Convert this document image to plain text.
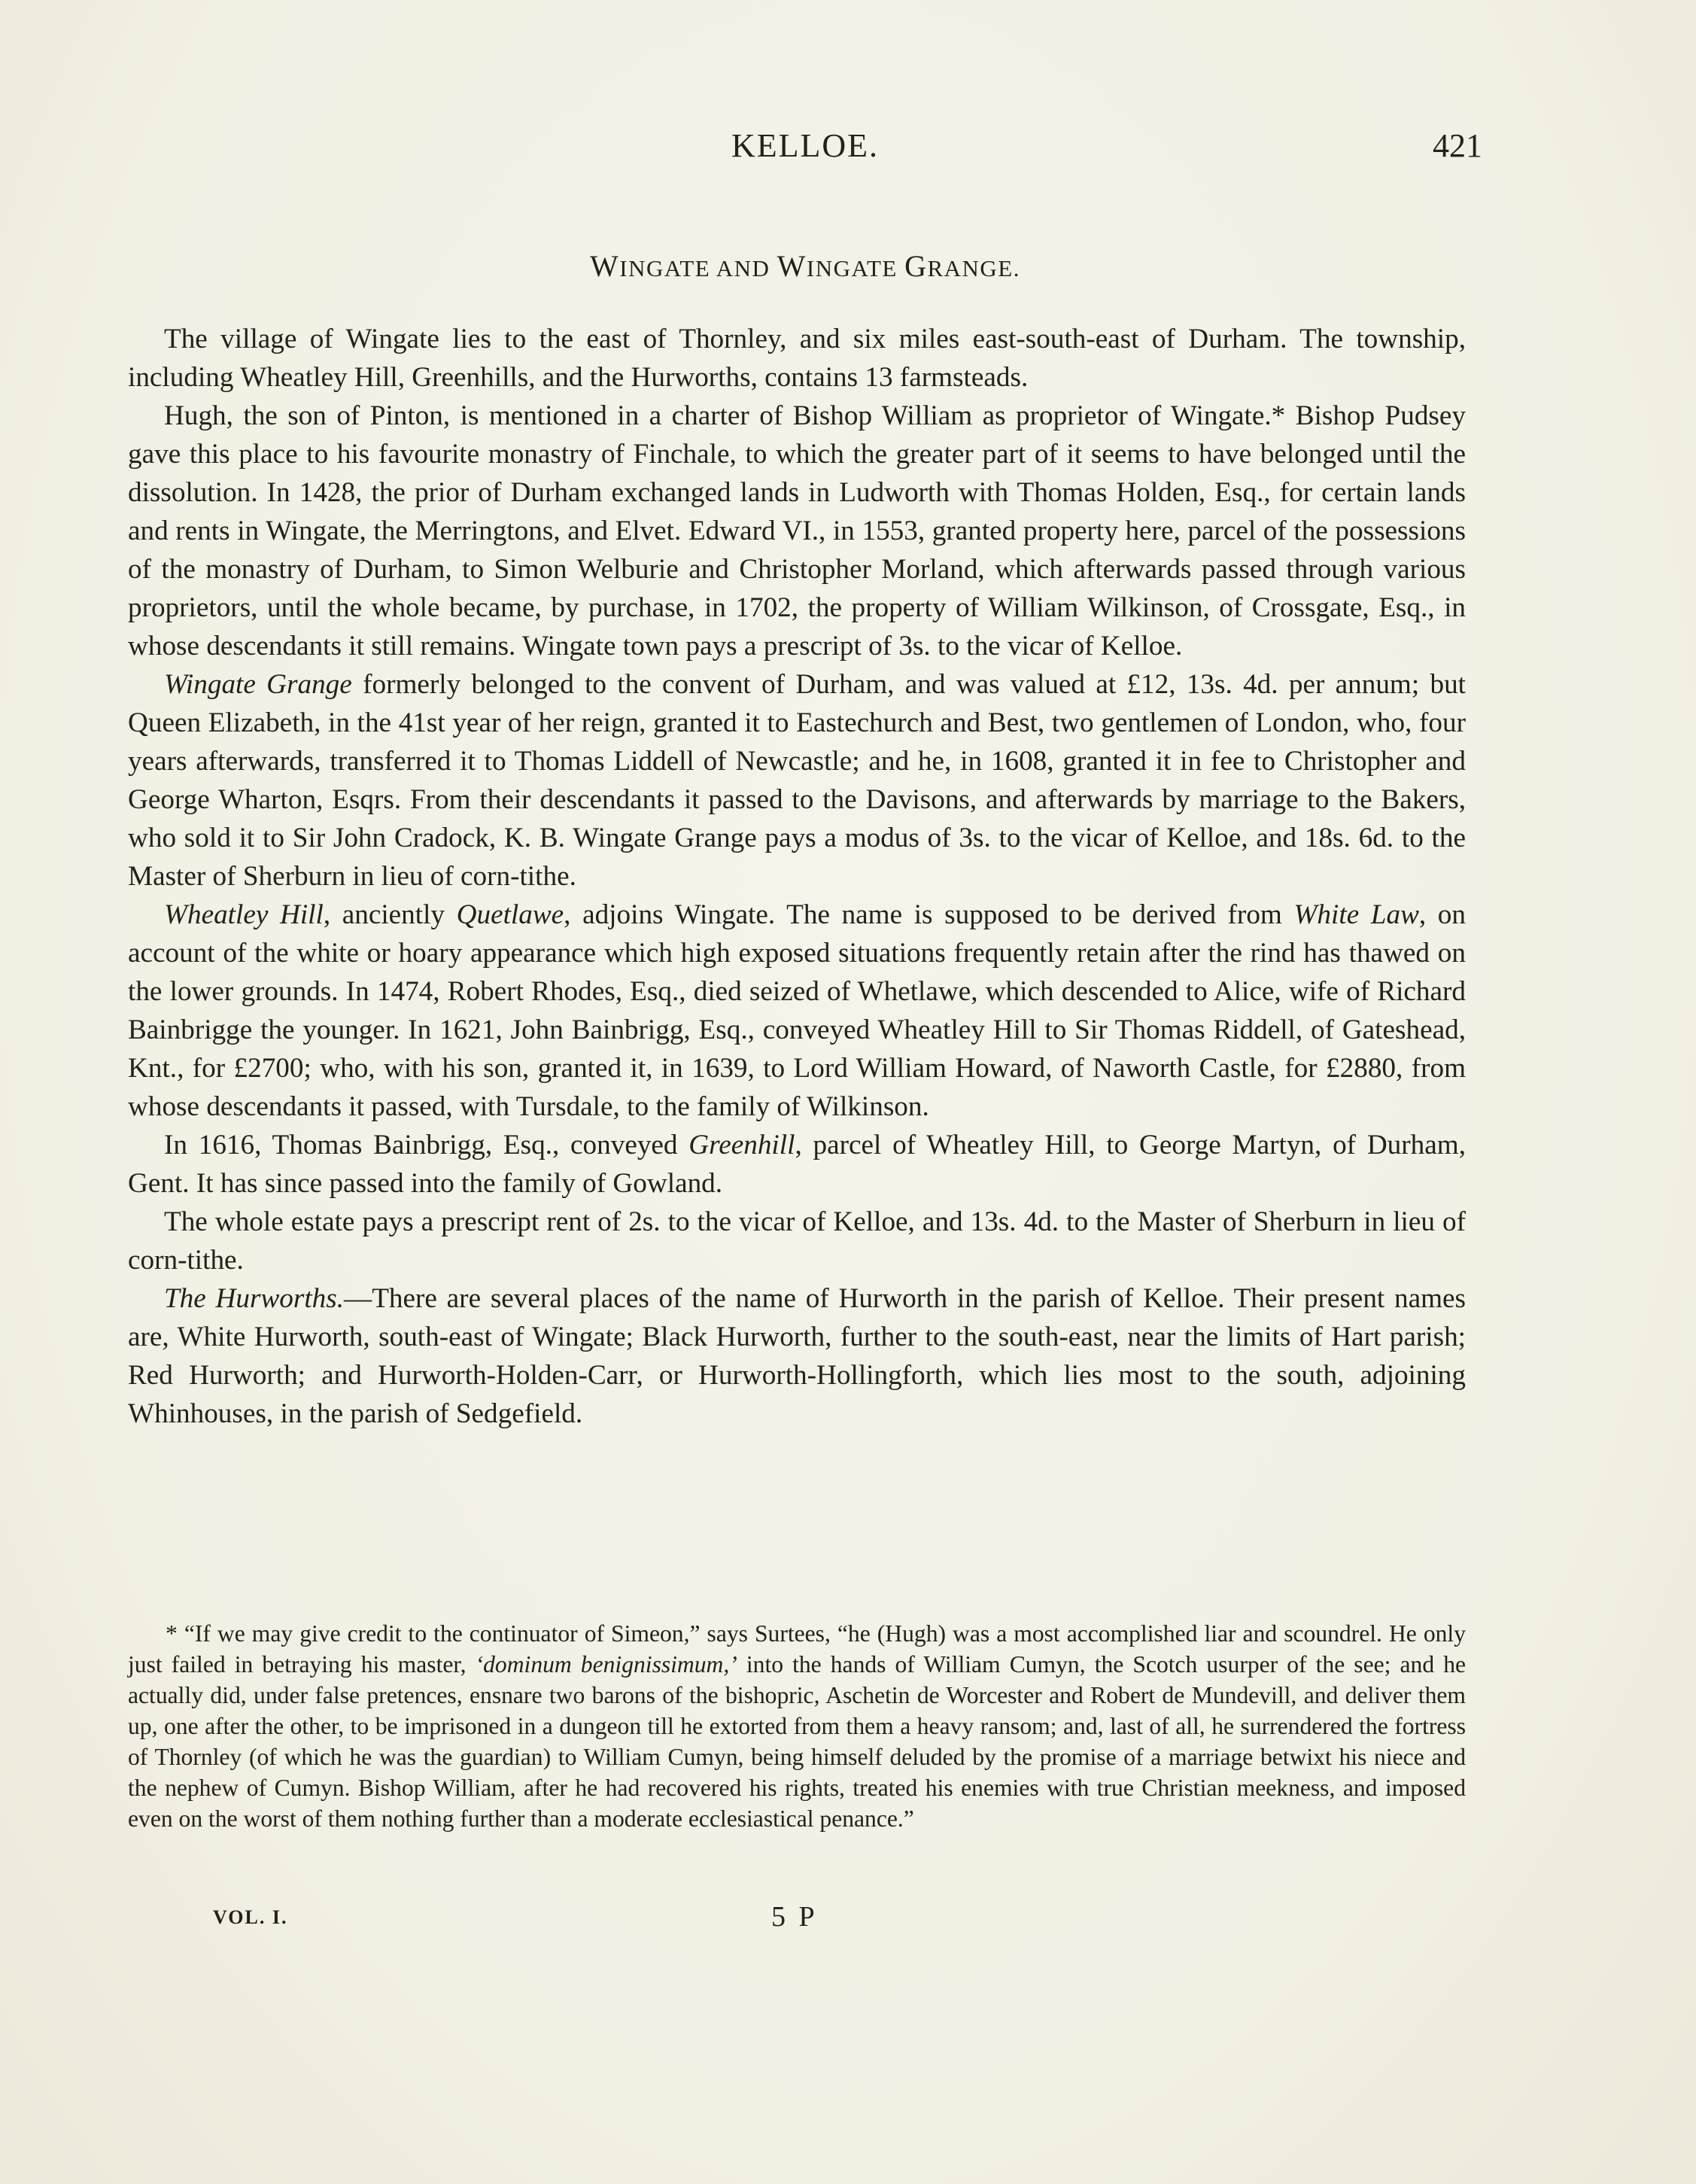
KELLOE.	421
WINGATE AND WINGATE GRANGE.

The village of Wingate lies to the east of Thornley, and six miles east-south-east of Durham. The township, including Wheatley Hill, Greenhills, and the Hurworths, contains 13 farmsteads.

Hugh, the son of Pinton, is mentioned in a charter of Bishop William as proprietor of Wingate.* Bishop Pudsey gave this place to his favourite monastry of Finchale, to which the greater part of it seems to have belonged until the dissolution. In 1428, the prior of Durham exchanged lands in Ludworth with Thomas Holden, Esq., for certain lands and rents in Wingate, the Merringtons, and Elvet. Edward VI., in 1553, granted property here, parcel of the possessions of the monastry of Durham, to Simon Welburie and Christopher Morland, which afterwards passed through various proprietors, until the whole became, by purchase, in 1702, the property of William Wilkinson, of Crossgate, Esq., in whose descendants it still remains. Wingate town pays a prescript of 3s. to the vicar of Kelloe.

Wingate Grange formerly belonged to the convent of Durham, and was valued at £12, 13s. 4d. per annum; but Queen Elizabeth, in the 41st year of her reign, granted it to Eastechurch and Best, two gentlemen of London, who, four years afterwards, transferred it to Thomas Liddell of Newcastle; and he, in 1608, granted it in fee to Christopher and George Wharton, Esqrs. From their descendants it passed to the Davisons, and afterwards by marriage to the Bakers, who sold it to Sir John Cradock, K. B. Wingate Grange pays a modus of 3s. to the vicar of Kelloe, and 18s. 6d. to the Master of Sherburn in lieu of corn-tithe.

Wheatley Hill, anciently Quetlawe, adjoins Wingate. The name is supposed to be derived from White Law, on account of the white or hoary appearance which high exposed situations frequently retain after the rind has thawed on the lower grounds. In 1474, Robert Rhodes, Esq., died seized of Whetlawe, which descended to Alice, wife of Richard Bainbrigge the younger. In 1621, John Bainbrigg, Esq., conveyed Wheatley Hill to Sir Thomas Riddell, of Gateshead, Knt., for £2700; who, with his son, granted it, in 1639, to Lord William Howard, of Naworth Castle, for £2880, from whose descendants it passed, with Tursdale, to the family of Wilkinson.

In 1616, Thomas Bainbrigg, Esq., conveyed Greenhill, parcel of Wheatley Hill, to George Martyn, of Durham, Gent. It has since passed into the family of Gowland.

The whole estate pays a prescript rent of 2s. to the vicar of Kelloe, and 13s. 4d. to the Master of Sherburn in lieu of corn-tithe.

The Hurworths.—There are several places of the name of Hurworth in the parish of Kelloe. Their present names are, White Hurworth, south-east of Wingate; Black Hurworth, further to the south-east, near the limits of Hart parish; Red Hurworth; and Hurworth-Holden-Carr, or Hurworth-Hollingforth, which lies most to the south, adjoining Whinhouses, in the parish of Sedgefield.

* “If we may give credit to the continuator of Simeon,” says Surtees, “he (Hugh) was a most accomplished liar and scoundrel. He only just failed in betraying his master, ‘dominum benignissimum,’ into the hands of William Cumyn, the Scotch usurper of the see; and he actually did, under false pretences, ensnare two barons of the bishopric, Aschetin de Worcester and Robert de Mundevill, and deliver them up, one after the other, to be imprisoned in a dungeon till he extorted from them a heavy ransom; and, last of all, he surrendered the fortress of Thornley (of which he was the guardian) to William Cumyn, being himself deluded by the promise of a marriage betwixt his niece and the nephew of Cumyn. Bishop William, after he had recovered his rights, treated his enemies with true Christian meekness, and imposed even on the worst of them nothing further than a moderate ecclesiastical penance.”

VOL. I.	5 P
